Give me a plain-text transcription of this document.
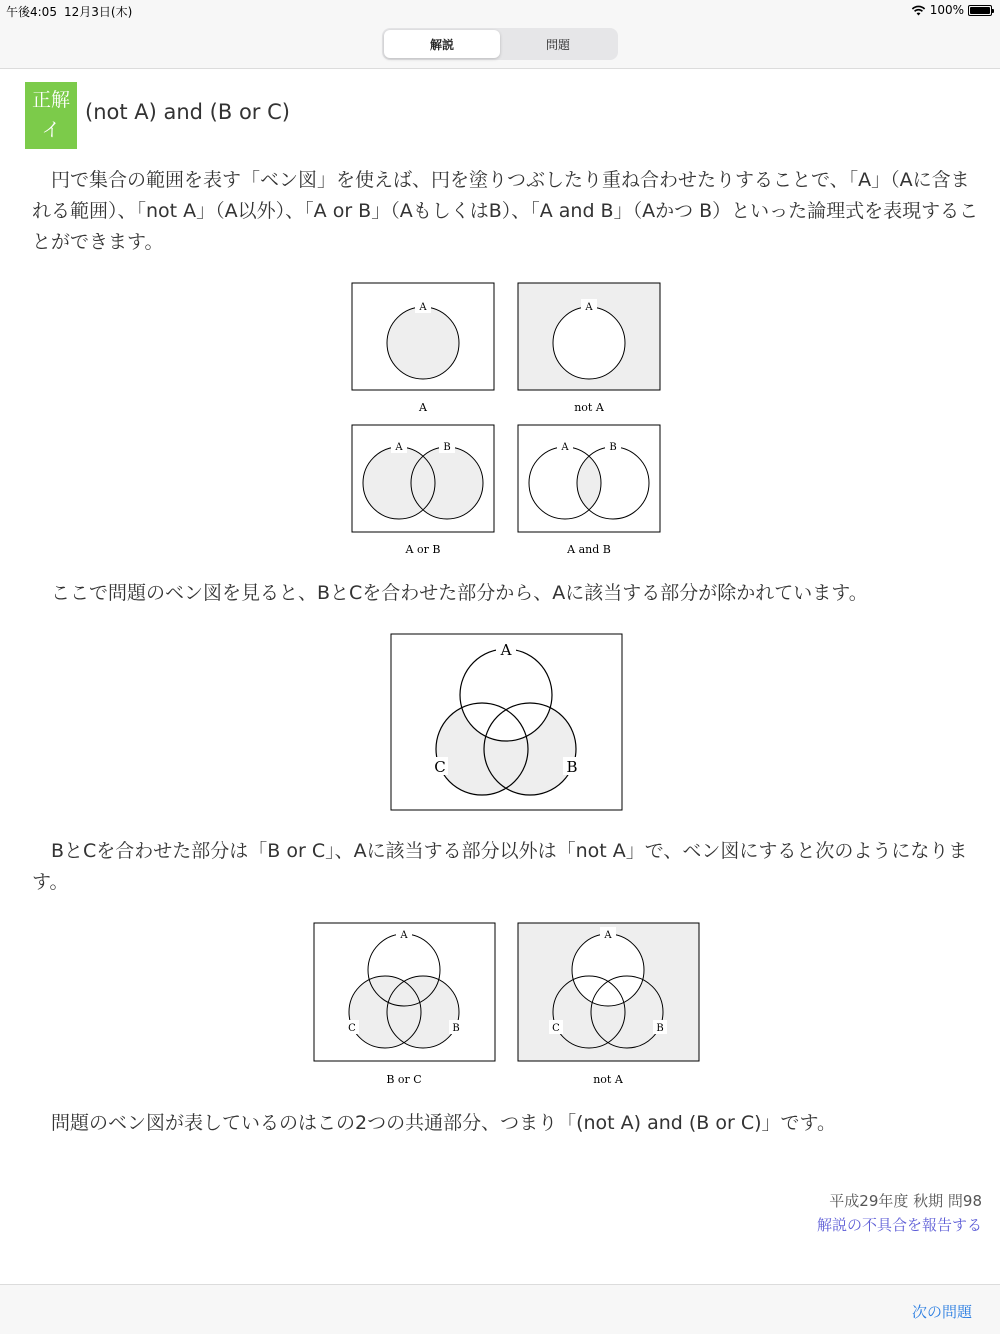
午後4:05 12月3日(木)	100%
解説	問題
正解
イ
(not A) and (B or C)
　円で集合の範囲を表す「ベン図」を使えば、円を塗りつぶしたり重ね合わせたりすることで、「A」（Aに含まれる範囲）、「not A」（A以外）、「A or B」（AもしくはB）、「A and B」（Aかつ B）といった論理式を表現することができます。
A
A
A
not A
A	B
A or B
A	B
A and B
　ここで問題のベン図を見ると、BとCを合わせた部分から、Aに該当する部分が除かれています。
A
C	B
　BとCを合わせた部分は「B or C」、Aに該当する部分以外は「not A」で、ベン図にすると次のようになります。
A
C	B
B or C
A
C	B
not A
　問題のベン図が表しているのはこの2つの共通部分、つまり「(not A) and (B or C)」です。
平成29年度 秋期 問98
解説の不具合を報告する
次の問題
